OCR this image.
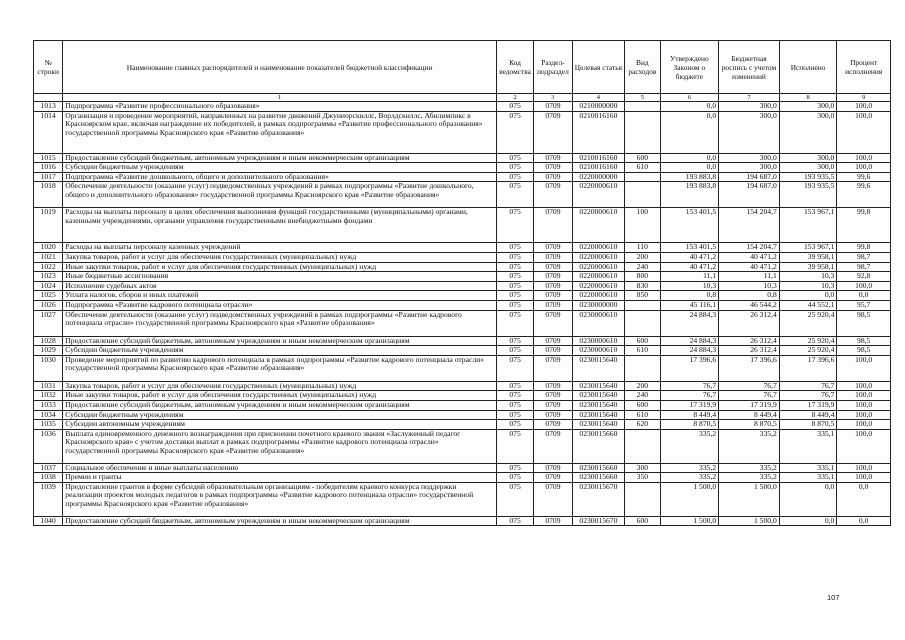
№ строки	Наименование главных распорядителей и наименование показателей бюджетной классификации	Код ведомства	Раздел-подраздел	Целевая статья	Вид расходов	Утверждено Законом о бюджете	Бюджетная роспись с учетом изменений	Исполнено	Процент исполнения
	1	2	3	4	5	6	7	8	9
1013	Подпрограмма «Развитие профессионального образования»	075	0709	0210000000		0,0	300,0	300,0	100,0
1014	Организация и проведение мероприятий, направленных на развитие движений Джуниорскиллс, Ворлдскиллс, Абилимпикс в Красноярском крае, включая награждение их победителей, в рамках подпрограммы «Развитие профессионального образования» государственной программы Красноярского края «Развитие образования»	075	0709	0210016160		0,0	300,0	300,0	100,0
1015	Предоставление субсидий бюджетным, автономным учреждениям и иным некоммерческим организациям	075	0709	0210016160	600	0,0	300,0	300,0	100,0
1016	Субсидии бюджетным учреждениям	075	0709	0210016160	610	0,0	300,0	300,0	100,0
1017	Подпрограмма «Развитие дошкольного, общего и дополнительного образования»	075	0709	0220000000		193 883,8	194 687,0	193 935,5	99,6
1018	Обеспечение деятельности (оказание услуг) подведомственных учреждений в рамках подпрограммы «Развитие дошкольного, общего и дополнительного образования» государственной программы Красноярского края «Развитие образования»	075	0709	0220000610		193 883,8	194 687,0	193 935,5	99,6
1019	Расходы на выплаты персоналу в целях обеспечения выполнения функций государственными (муниципальными) органами, казенными учреждениями, органами управления государственными внебюджетными фондами	075	0709	0220000610	100	153 401,5	154 204,7	153 967,1	99,8
1020	Расходы на выплаты персоналу казенных учреждений	075	0709	0220000610	110	153 401,5	154 204,7	153 967,1	99,8
1021	Закупка товаров, работ и услуг для обеспечения государственных (муниципальных) нужд	075	0709	0220000610	200	40 471,2	40 471,2	39 958,1	98,7
1022	Иные закупки товаров, работ и услуг для обеспечения государственных (муниципальных) нужд	075	0709	0220000610	240	40 471,2	40 471,2	39 958,1	98,7
1023	Иные бюджетные ассигнования	075	0709	0220000610	800	11,1	11,1	10,3	92,8
1024	Исполнение судебных актов	075	0709	0220000610	830	10,3	10,3	10,3	100,0
1025	Уплата налогов, сборов и иных платежей	075	0709	0220000610	850	0,8	0,8	0,0	0,0
1026	Подпрограмма «Развитие кадрового потенциала отрасли»	075	0709	0230000000		45 116,1	46 544,2	44 552,1	95,7
1027	Обеспечение деятельности (оказание услуг) подведомственных учреждений в рамках подпрограммы «Развитие кадрового потенциала отрасли» государственной программы Красноярского края «Развитие образования»	075	0709	0230000610		24 884,3	26 312,4	25 920,4	98,5
1028	Предоставление субсидий бюджетным, автономным учреждениям и иным некоммерческим организациям	075	0709	0230000610	600	24 884,3	26 312,4	25 920,4	98,5
1029	Субсидии бюджетным учреждениям	075	0709	0230000610	610	24 884,3	26 312,4	25 920,4	98,5
1030	Проведение мероприятий по развитию кадрового потенциала в рамках подпрограммы «Развитие кадрового потенциала отрасли» государственной программы Красноярского края «Развитие образования»	075	0709	0230015640		17 396,6	17 396,6	17 396,6	100,0
1031	Закупка товаров, работ и услуг для обеспечения государственных (муниципальных) нужд	075	0709	0230015640	200	76,7	76,7	76,7	100,0
1032	Иные закупки товаров, работ и услуг для обеспечения государственных (муниципальных) нужд	075	0709	0230015640	240	76,7	76,7	76,7	100,0
1033	Предоставление субсидий бюджетным, автономным учреждениям и иным некоммерческим организациям	075	0709	0230015640	600	17 319,9	17 319,9	17 319,9	100,0
1034	Субсидии бюджетным учреждениям	075	0709	0230015640	610	8 449,4	8 449,4	8 449,4	100,0
1035	Субсидии автономным учреждениям	075	0709	0230015640	620	8 870,5	8 870,5	8 870,5	100,0
1036	Выплата единовременного денежного вознаграждения при присвоении почетного краевого звания «Заслуженный педагог Красноярского края» с учетом доставки выплат в рамках подпрограммы «Развитие кадрового потенциала отрасли» государственной программы Красноярского края «Развитие образования»	075	0709	0230015660		335,2	335,2	335,1	100,0
1037	Социальное обеспечение и иные выплаты населению	075	0709	0230015660	300	335,2	335,2	335,1	100,0
1038	Премии и гранты	075	0709	0230015660	350	335,2	335,2	335,1	100,0
1039	Предоставление грантов в форме субсидий образовательным организациям - победителям краевого конкурса поддержки реализации проектов молодых педагогов в рамках подпрограммы «Развитие кадрового потенциала отрасли» государственной программы Красноярского края «Развитие образования»	075	0709	0230015670		1 500,0	1 500,0	0,0	0,0
1040	Предоставление субсидий бюджетным, автономным учреждениям и иным некоммерческим организациям	075	0709	0230015670	600	1 500,0	1 500,0	0,0	0,0
107
